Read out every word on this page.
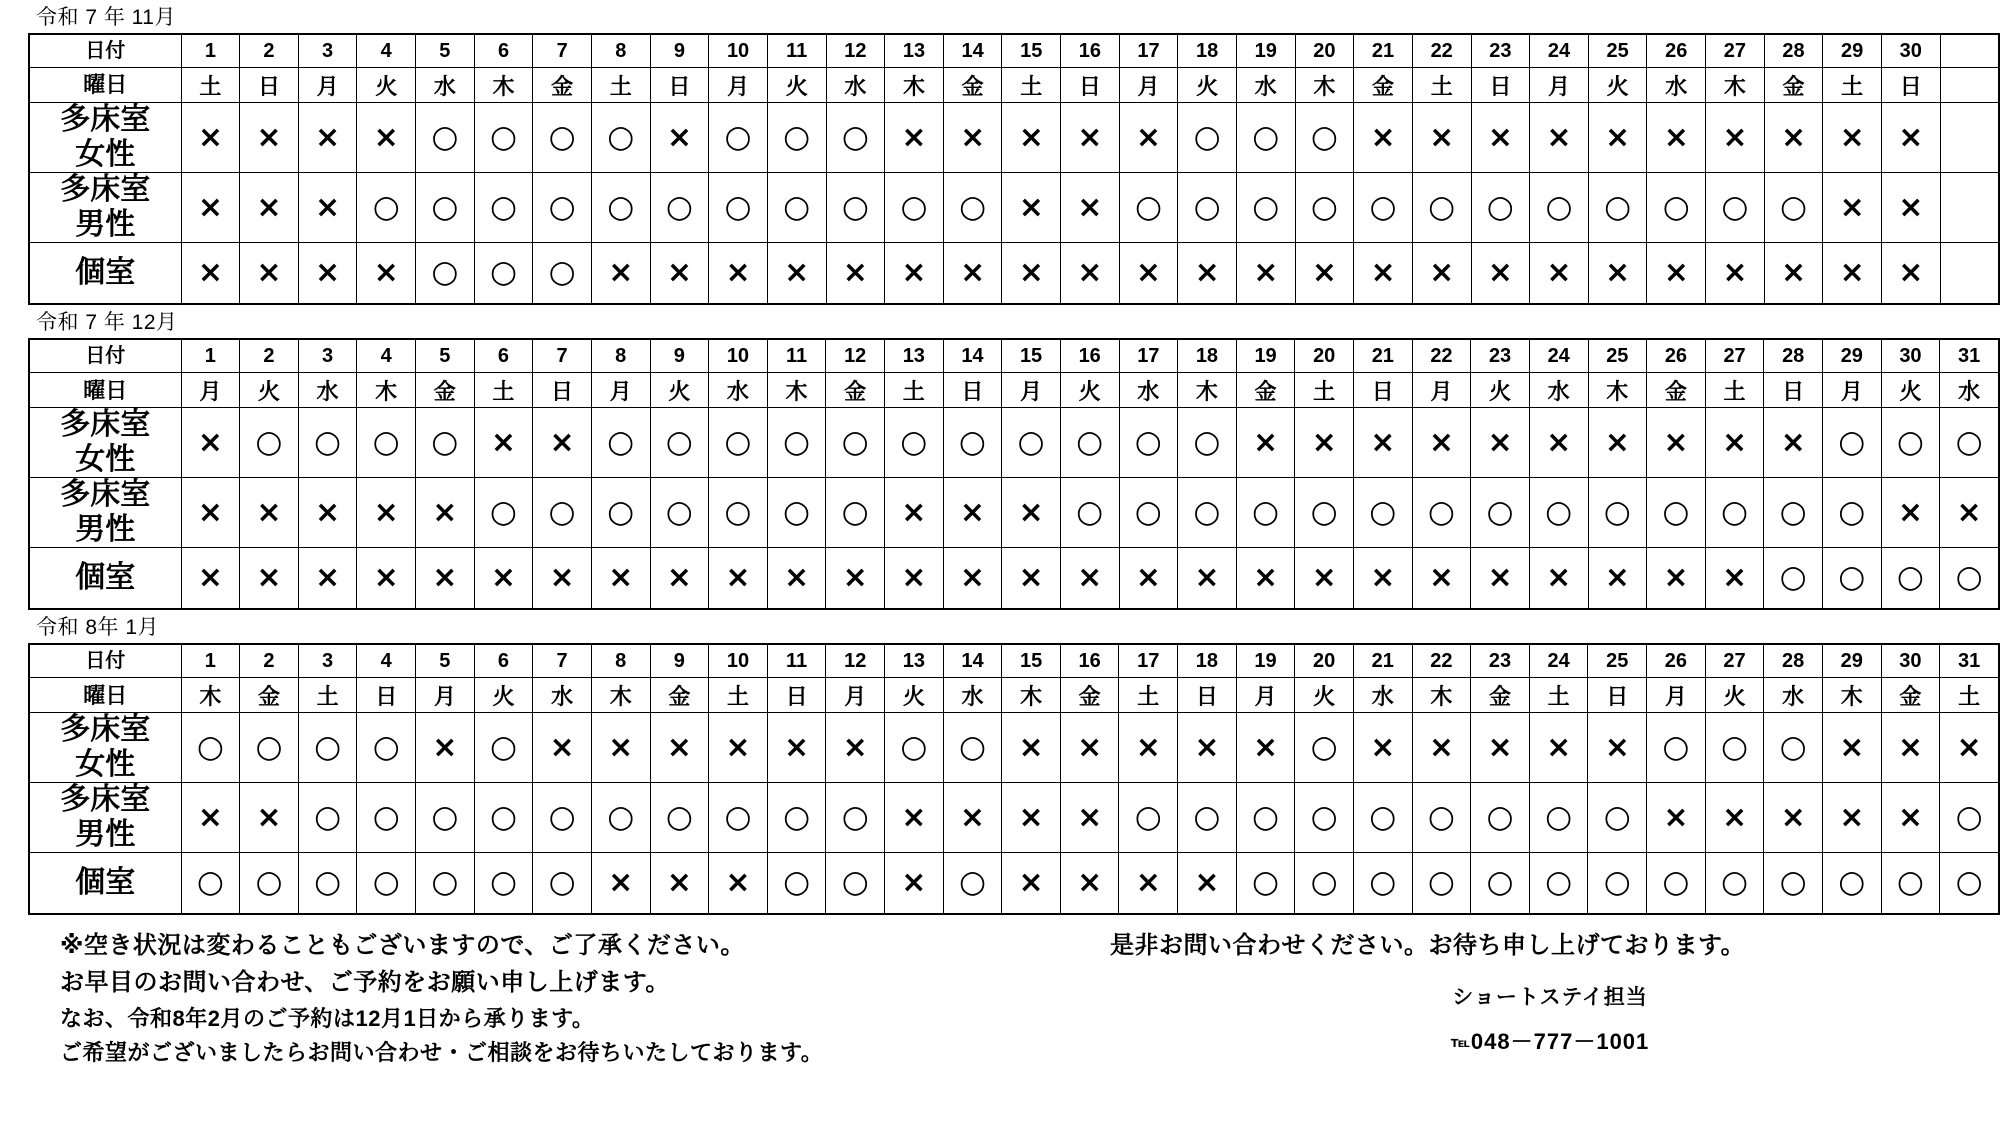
令和 7 年 11月
日付	1	2	3	4	5	6	7	8	9	10	11	12	13	14	15	16	17	18	19	20	21	22	23	24	25	26	27	28	29	30	
曜日	土	日	月	火	水	木	金	土	日	月	火	水	木	金	土	日	月	火	水	木	金	土	日	月	火	水	木	金	土	日	
多床室
女性	×	×	×	×	○	○	○	○	×	○	○	○	×	×	×	×	×	○	○	○	×	×	×	×	×	×	×	×	×	×	
多床室
男性	×	×	×	○	○	○	○	○	○	○	○	○	○	○	×	×	○	○	○	○	○	○	○	○	○	○	○	○	×	×	
個室	×	×	×	×	○	○	○	×	×	×	×	×	×	×	×	×	×	×	×	×	×	×	×	×	×	×	×	×	×	×	
令和 7 年 12月
日付	1	2	3	4	5	6	7	8	9	10	11	12	13	14	15	16	17	18	19	20	21	22	23	24	25	26	27	28	29	30	31
曜日	月	火	水	木	金	土	日	月	火	水	木	金	土	日	月	火	水	木	金	土	日	月	火	水	木	金	土	日	月	火	水
多床室
女性	×	○	○	○	○	×	×	○	○	○	○	○	○	○	○	○	○	○	×	×	×	×	×	×	×	×	×	×	○	○	○
多床室
男性	×	×	×	×	×	○	○	○	○	○	○	○	×	×	×	○	○	○	○	○	○	○	○	○	○	○	○	○	○	×	×
個室	×	×	×	×	×	×	×	×	×	×	×	×	×	×	×	×	×	×	×	×	×	×	×	×	×	×	×	○	○	○	○
令和 8年 1月
日付	1	2	3	4	5	6	7	8	9	10	11	12	13	14	15	16	17	18	19	20	21	22	23	24	25	26	27	28	29	30	31
曜日	木	金	土	日	月	火	水	木	金	土	日	月	火	水	木	金	土	日	月	火	水	木	金	土	日	月	火	水	木	金	土
多床室
女性	○	○	○	○	×	○	×	×	×	×	×	×	○	○	×	×	×	×	×	○	×	×	×	×	×	○	○	○	×	×	×
多床室
男性	×	×	○	○	○	○	○	○	○	○	○	○	×	×	×	×	○	○	○	○	○	○	○	○	○	×	×	×	×	×	○
個室	○	○	○	○	○	○	○	×	×	×	○	○	×	○	×	×	×	×	○	○	○	○	○	○	○	○	○	○	○	○	○
※空き状況は変わることもございますので、ご了承ください。
お早目のお問い合わせ、ご予約をお願い申し上げます。
なお、令和8年2月のご予約は12月1日から承ります。
ご希望がございましたらお問い合わせ・ご相談をお待ちいたしております。
是非お問い合わせください。お待ち申し上げております。
ショートステイ担当
℡048－777－1001
